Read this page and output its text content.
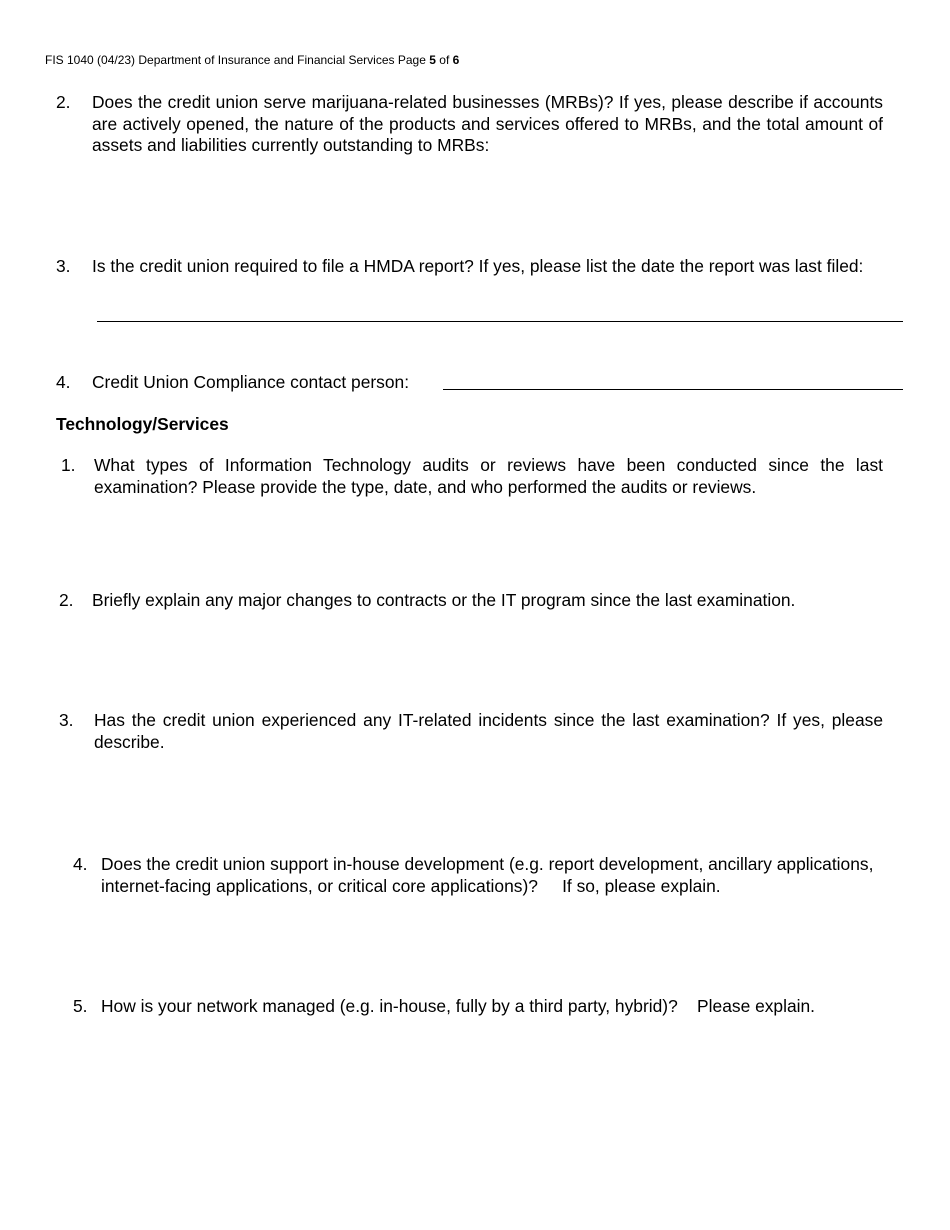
FIS 1040 (04/23) Department of Insurance and Financial Services Page 5 of 6
2. Does the credit union serve marijuana-related businesses (MRBs)? If yes, please describe if accounts are actively opened, the nature of the products and services offered to MRBs, and the total amount of assets and liabilities currently outstanding to MRBs:
3. Is the credit union required to file a HMDA report? If yes, please list the date the report was last filed:
4. Credit Union Compliance contact person:
Technology/Services
1. What types of Information Technology audits or reviews have been conducted since the last examination? Please provide the type, date, and who performed the audits or reviews.
2. Briefly explain any major changes to contracts or the IT program since the last examination.
3. Has the credit union experienced any IT-related incidents since the last examination? If yes, please describe.
4. Does the credit union support in-house development (e.g. report development, ancillary applications, internet-facing applications, or critical core applications)?     If so, please explain.
5. How is your network managed (e.g. in-house, fully by a third party, hybrid)?    Please explain.
